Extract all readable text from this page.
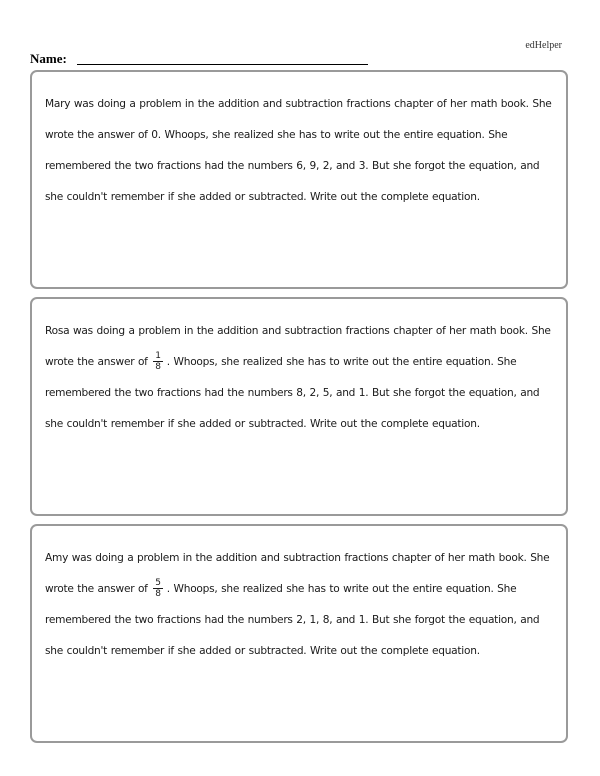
edHelper
Name:
Mary was doing a problem in the addition and subtraction fractions chapter of her math book. She wrote the answer of 0. Whoops, she realized she has to write out the entire equation. She remembered the two fractions had the numbers 6, 9, 2, and 3. But she forgot the equation, and she couldn't remember if she added or subtracted. Write out the complete equation.
Rosa was doing a problem in the addition and subtraction fractions chapter of her math book. She wrote the answer of $\frac{1}{8}$ . Whoops, she realized she has to write out the entire equation. She remembered the two fractions had the numbers 8, 2, 5, and 1. But she forgot the equation, and she couldn't remember if she added or subtracted. Write out the complete equation.
Amy was doing a problem in the addition and subtraction fractions chapter of her math book. She wrote the answer of $\frac{5}{8}$ . Whoops, she realized she has to write out the entire equation. She remembered the two fractions had the numbers 2, 1, 8, and 1. But she forgot the equation, and she couldn't remember if she added or subtracted. Write out the complete equation.
